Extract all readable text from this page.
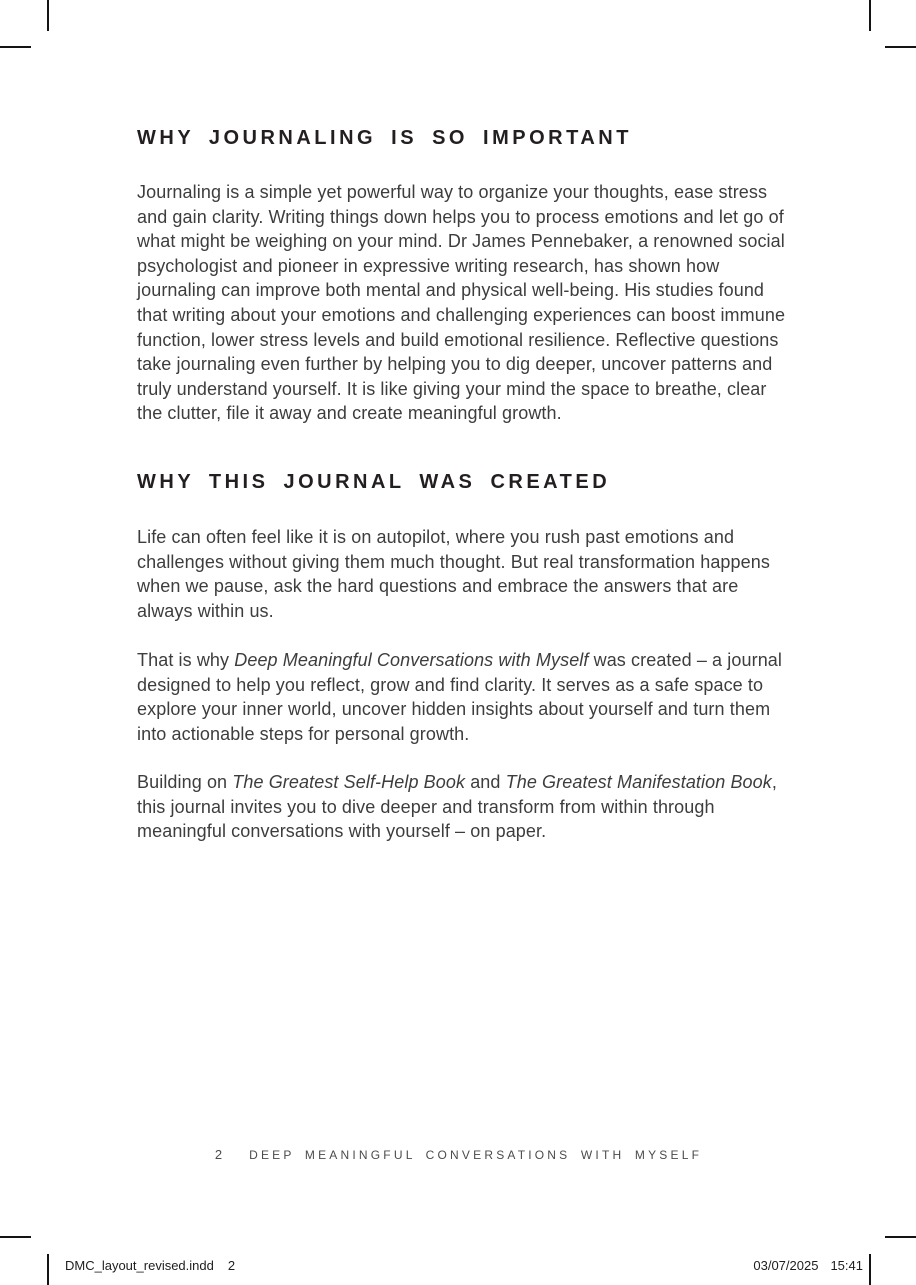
WHY JOURNALING IS SO IMPORTANT

Journaling is a simple yet powerful way to organize your thoughts, ease stress and gain clarity. Writing things down helps you to process emotions and let go of what might be weighing on your mind. Dr James Pennebaker, a renowned social psychologist and pioneer in expressive writing research, has shown how journaling can improve both mental and physical well-being. His studies found that writing about your emotions and challenging experiences can boost immune function, lower stress levels and build emotional resilience. Reflective questions take journaling even further by helping you to dig deeper, uncover patterns and truly understand yourself. It is like giving your mind the space to breathe, clear the clutter, file it away and create meaningful growth.

WHY THIS JOURNAL WAS CREATED

Life can often feel like it is on autopilot, where you rush past emotions and challenges without giving them much thought. But real transformation happens when we pause, ask the hard questions and embrace the answers that are always within us.

That is why Deep Meaningful Conversations with Myself was created – a journal designed to help you reflect, grow and find clarity. It serves as a safe space to explore your inner world, uncover hidden insights about yourself and turn them into actionable steps for personal growth.

Building on The Greatest Self-Help Book and The Greatest Manifestation Book, this journal invites you to dive deeper and transform from within through meaningful conversations with yourself – on paper.

2 DEEP MEANINGFUL CONVERSATIONS WITH MYSELF
DMC_layout_revised.indd 2	03/07/2025 15:41
